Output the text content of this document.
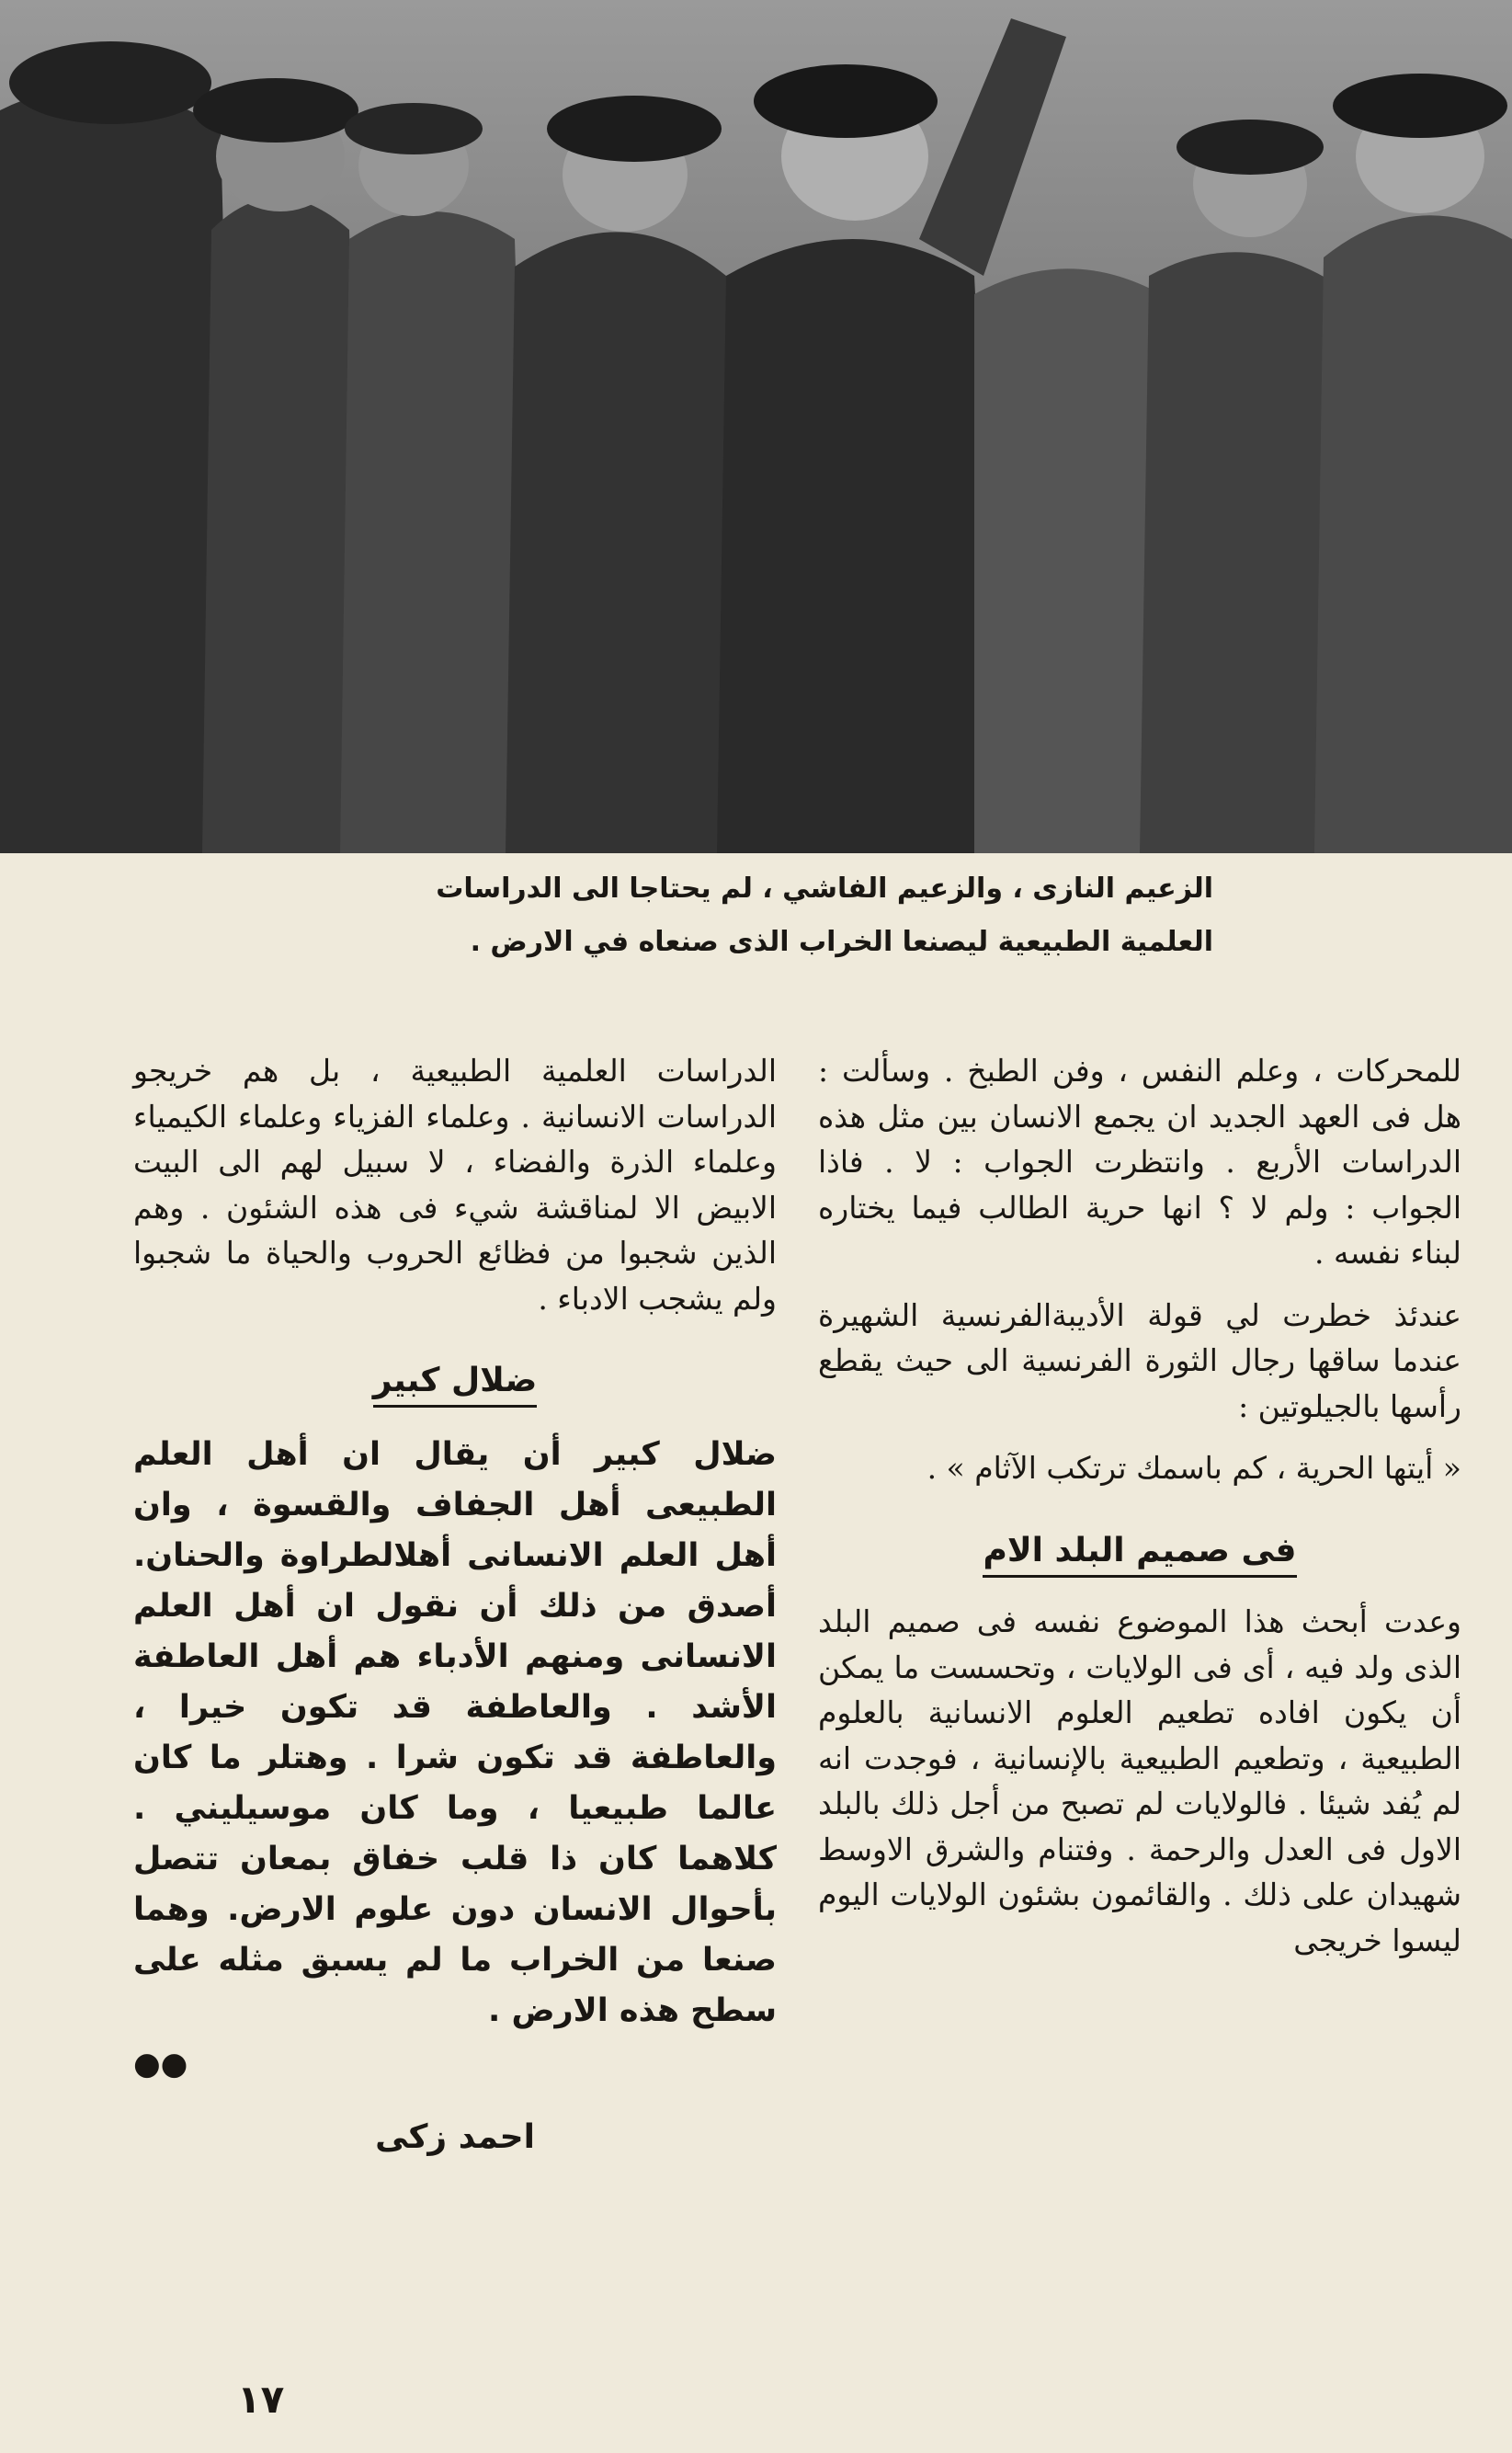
الزعيم النازى ، والزعيم الفاشي ، لم يحتاجا الى الدراسات
العلمية الطبيعية ليصنعا الخراب الذى صنعاه في الارض .

للمحركات ، وعلم النفس ، وفن الطبخ . وسألت : هل فى العهد الجديد ان يجمع الانسان بين مثل هذه الدراسات الأربع . وانتظرت الجواب : لا . فاذا الجواب : ولم لا ؟ انها حرية الطالب فيما يختاره لبناء نفسه .

عندئذ خطرت لي قولة الأديبةالفرنسية الشهيرة عندما ساقها رجال الثورة الفرنسية الى حيث يقطع رأسها بالجيلوتين :

« أيتها الحرية ، كم باسمك ترتكب الآثام » .

فى صميم البلد الام

وعدت أبحث هذا الموضوع نفسه فى صميم البلد الذى ولد فيه ، أى فى الولايات ، وتحسست ما يمكن أن يكون افاده تطعيم العلوم الانسانية بالعلوم الطبيعية ، وتطعيم الطبيعية بالإنسانية ، فوجدت انه لم يُفد شيئا . فالولايات لم تصبح من أجل ذلك بالبلد الاول فى العدل والرحمة . وفتنام والشرق الاوسط شهيدان على ذلك . والقائمون بشئون الولايات اليوم ليسوا خريجى

الدراسات العلمية الطبيعية ، بل هم خريجو الدراسات الانسانية . وعلماء الفزياء وعلماء الكيمياء وعلماء الذرة والفضاء ، لا سبيل لهم الى البيت الابيض الا لمناقشة شيء فى هذه الشئون . وهم الذين شجبوا من فظائع الحروب والحياة ما شجبوا ولم يشجب الادباء .

ضلال كبير
ضلال كبير أن يقال ان أهل العلم الطبيعى أهل الجفاف والقسوة ، وان أهل العلم الانسانى أهلالطراوة والحنان. أصدق من ذلك أن نقول ان أهل العلم الانسانى ومنهم الأدباء هم أهل العاطفة الأشد . والعاطفة قد تكون خيرا ، والعاطفة قد تكون شرا . وهتلر ما كان عالما طبيعيا ، وما كان موسيليني . كلاهما كان ذا قلب خفاق بمعان تتصل بأحوال الانسان دون علوم الارض. وهما صنعا من الخراب ما لم يسبق مثله على سطح هذه الارض .
●●
احمد زكى
١٧
